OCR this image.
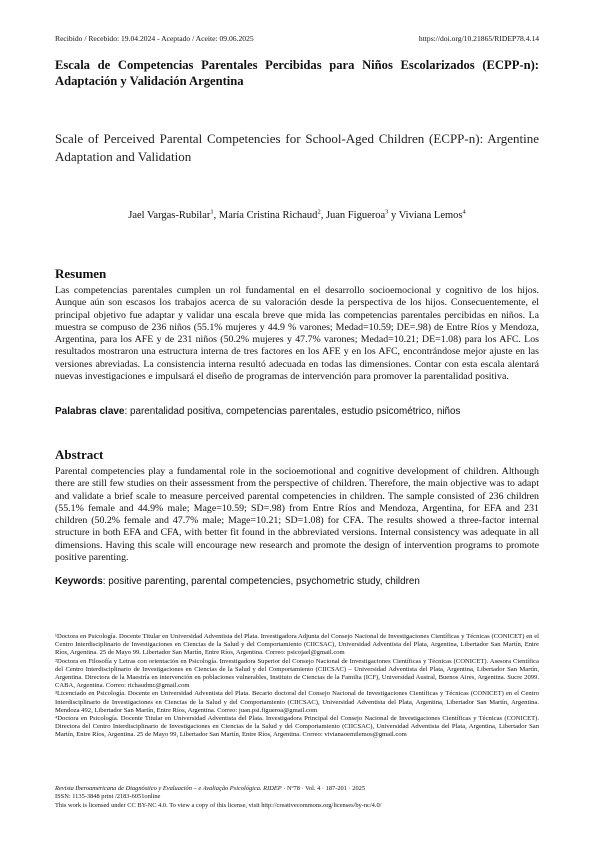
Recibido / Recebido: 19.04.2024 - Aceptado / Aceite: 09.06.2025	https://doi.org/10.21865/RIDEP78.4.14
Escala de Competencias Parentales Percibidas para Niños Escolarizados (ECPP-n): Adaptación y Validación Argentina
Scale of Perceived Parental Competencies for School-Aged Children (ECPP-n): Argentine Adaptation and Validation
Jael Vargas-Rubilar$^1$, María Cristina Richaud$^2$, Juan Figueroa$^3$ y Viviana Lemos$^4$
Resumen
Las competencias parentales cumplen un rol fundamental en el desarrollo socioemocional y cognitivo de los hijos. Aunque aún son escasos los trabajos acerca de su valoración desde la perspectiva de los hijos. Consecuentemente, el principal objetivo fue adaptar y validar una escala breve que mida las competencias parentales percibidas en niños. La muestra se compuso de 236 niños (55.1% mujeres y 44.9 % varones; Medad=10.59; DE=.98) de Entre Ríos y Mendoza, Argentina, para los AFE y de 231 niños (50.2% mujeres y 47.7% varones; Medad=10.21; DE=1.08) para los AFC. Los resultados mostraron una estructura interna de tres factores en los AFE y en los AFC, encontrándose mejor ajuste en las versiones abreviadas. La consistencia interna resultó adecuada en todas las dimensiones. Contar con esta escala alentará nuevas investigaciones e impulsará el diseño de programas de intervención para promover la parentalidad positiva.
Palabras clave: parentalidad positiva, competencias parentales, estudio psicométrico, niños
Abstract
Parental competencies play a fundamental role in the socioemotional and cognitive development of children. Although there are still few studies on their assessment from the perspective of children. Therefore, the main objective was to adapt and validate a brief scale to measure perceived parental competencies in children. The sample consisted of 236 children (55.1% female and 44.9% male; Mage=10.59; SD=.98) from Entre Ríos and Mendoza, Argentina, for EFA and 231 children (50.2% female and 47.7% male; Mage=10.21; SD=1.08) for CFA. The results showed a three-factor internal structure in both EFA and CFA, with better fit found in the abbreviated versions. Internal consistency was adequate in all dimensions. Having this scale will encourage new research and promote the design of intervention programs to promote positive parenting.
Keywords: positive parenting, parental competencies, psychometric study, children

¹Doctora en Psicología. Docente Titular en Universidad Adventista del Plata. Investigadora Adjunta del Consejo Nacional de Investigaciones Científicas y Técnicas (CONICET) en el Centro Interdisciplinario de Investigaciones en Ciencias de la Salud y del Comportamiento (CIICSAC), Universidad Adventista del Plata, Argentina, Libertador San Martín, Entre Ríos, Argentina. 25 de Mayo 99. Libertador San Martín, Entre Ríos, Argentina. Correo: psicojael@gmail.com

²Doctora en Filosofía y Letras con orientación en Psicología. Investigadora Superior del Consejo Nacional de Investigaciones Científicas y Técnicas (CONICET). Asesora Científica del Centro Interdisciplinario de Investigaciones en Ciencias de la Salud y del Comportamiento (CIICSAC) – Universidad Adventista del Plata, Argentina, Libertador San Martín, Argentina. Directora de la Maestría en intervención en poblaciones vulnerables, Instituto de Ciencias de la Familia (ICF), Universidad Austral, Buenos Aires, Argentina. Sucre 2099. CABA, Argentina. Correo: richaudmc@gmail.com

³Licenciado en Psicología. Docente en Universidad Adventista del Plata. Becario doctoral del Consejo Nacional de Investigaciones Científicas y Técnicas (CONICET) en el Centro Interdisciplinario de Investigaciones en Ciencias de la Salud y del Comportamiento (CIICSAC), Universidad Adventista del Plata, Argentina, Libertador San Martín, Argentina. Mendoza 492, Libertador San Martín, Entre Ríos, Argentina. Correo: juan.psi.figueroa@gmail.com

⁴Doctora en Psicología. Docente Titular en Universidad Adventista del Plata. Investigadora Principal del Consejo Nacional de Investigaciones Científicas y Técnicas (CONICET). Directora del Centro Interdisciplinario de Investigaciones en Ciencias de la Salud y del Comportamiento (CIICSAC), Universidad Adventista del Plata, Argentina, Libertador San Martín, Entre Ríos, Argentina. 25 de Mayo 99, Libertador San Martín, Entre Ríos, Argentina. Correo: vivianaoemilemos@gmail.com

Revista Iberoamericana de Diagnóstico y Evaluación – e Avaliação Psicológica. RIDEP · Nº78 · Vol. 4 · 187-201 · 2025
ISSN: 1135-3848 print /2183-6051online
This work is licensed under CC BY-NC 4.0. To view a copy of this license, visit http://creativecommons.org/licenses/by-nc/4.0/
